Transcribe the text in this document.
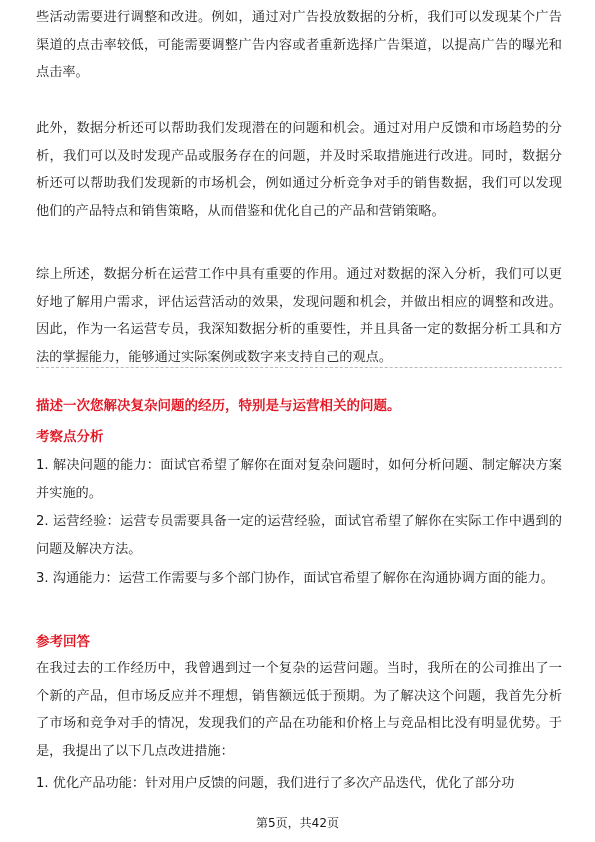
些活动需要进行调整和改进。例如，通过对广告投放数据的分析，我们可以发现某个广告渠道的点击率较低，可能需要调整广告内容或者重新选择广告渠道，以提高广告的曝光和点击率。

此外，数据分析还可以帮助我们发现潜在的问题和机会。通过对用户反馈和市场趋势的分析，我们可以及时发现产品或服务存在的问题，并及时采取措施进行改进。同时，数据分析还可以帮助我们发现新的市场机会，例如通过分析竞争对手的销售数据，我们可以发现他们的产品特点和销售策略，从而借鉴和优化自己的产品和营销策略。

综上所述，数据分析在运营工作中具有重要的作用。通过对数据的深入分析，我们可以更好地了解用户需求，评估运营活动的效果，发现问题和机会，并做出相应的调整和改进。因此，作为一名运营专员，我深知数据分析的重要性，并且具备一定的数据分析工具和方法的掌握能力，能够通过实际案例或数字来支持自己的观点。

描述一次您解决复杂问题的经历，特别是与运营相关的问题。

考察点分析

1. 解决问题的能力：面试官希望了解你在面对复杂问题时，如何分析问题、制定解决方案并实施的。

2. 运营经验：运营专员需要具备一定的运营经验，面试官希望了解你在实际工作中遇到的问题及解决方法。

3. 沟通能力：运营工作需要与多个部门协作，面试官希望了解你在沟通协调方面的能力。

参考回答

在我过去的工作经历中，我曾遇到过一个复杂的运营问题。当时，我所在的公司推出了一个新的产品，但市场反应并不理想，销售额远低于预期。为了解决这个问题，我首先分析了市场和竞争对手的情况，发现我们的产品在功能和价格上与竞品相比没有明显优势。于是，我提出了以下几点改进措施：

1. 优化产品功能：针对用户反馈的问题，我们进行了多次产品迭代，优化了部分功

第5页，共42页
